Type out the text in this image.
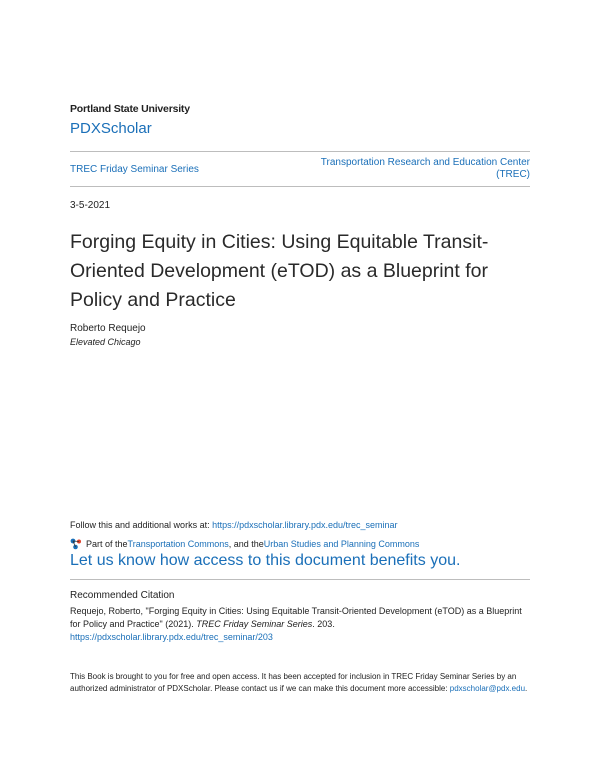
Portland State University
PDXScholar
TREC Friday Seminar Series
Transportation Research and Education Center
(TREC)
3-5-2021
Forging Equity in Cities: Using Equitable Transit-Oriented Development (eTOD) as a Blueprint for Policy and Practice
Roberto Requejo
Elevated Chicago
Follow this and additional works at: https://pdxscholar.library.pdx.edu/trec_seminar
Part of the Transportation Commons , and the Urban Studies and Planning Commons
Let us know how access to this document benefits you.
Recommended Citation
Requejo, Roberto, "Forging Equity in Cities: Using Equitable Transit-Oriented Development (eTOD) as a Blueprint for Policy and Practice" (2021). TREC Friday Seminar Series. 203.
https://pdxscholar.library.pdx.edu/trec_seminar/203
This Book is brought to you for free and open access. It has been accepted for inclusion in TREC Friday Seminar Series by an authorized administrator of PDXScholar. Please contact us if we can make this document more accessible: pdxscholar@pdx.edu.
